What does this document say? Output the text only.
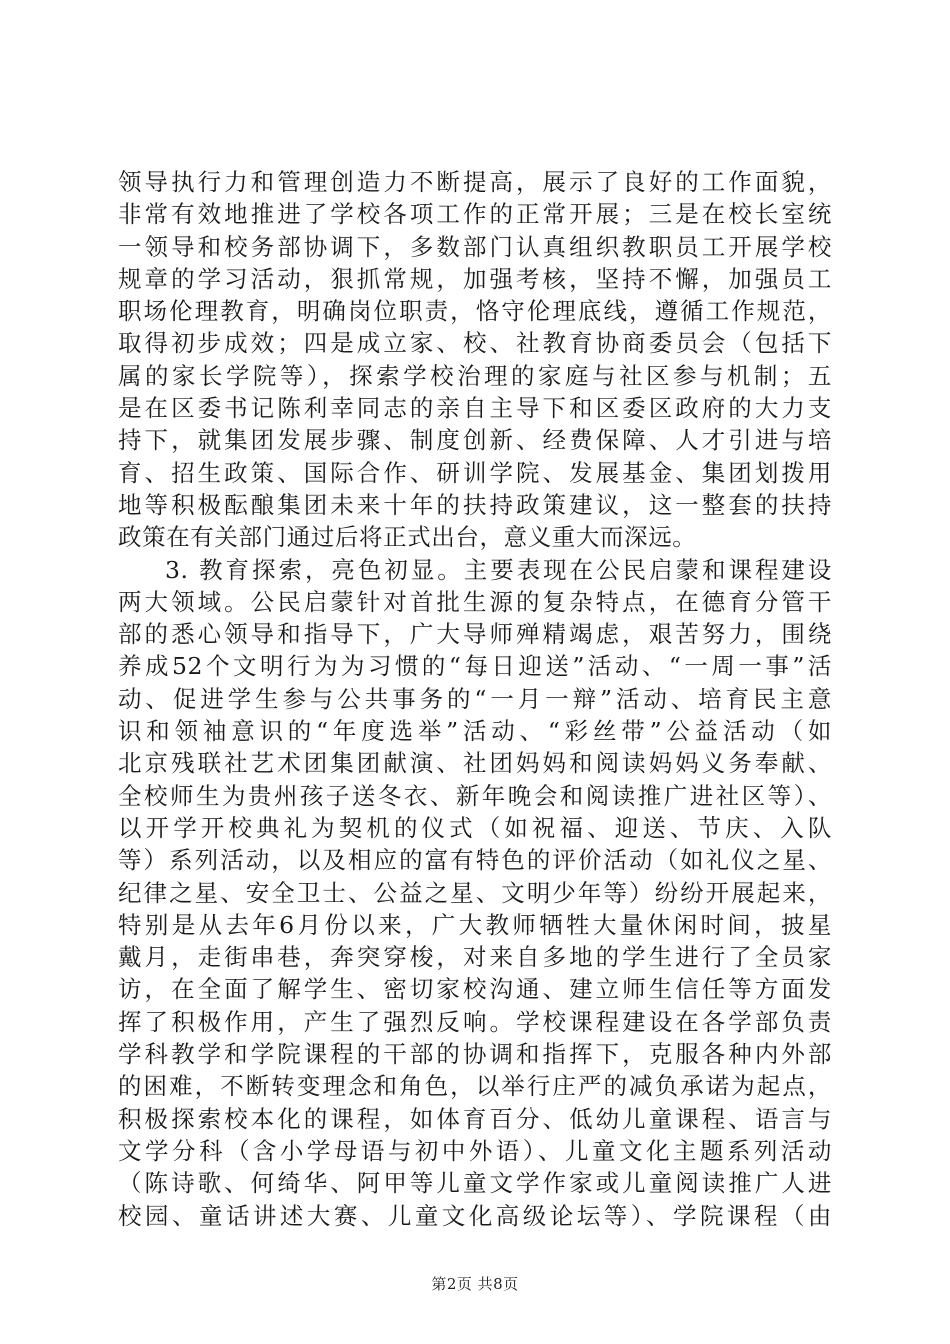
领导执行力和管理创造力不断提高，展示了良好的工作面貌，
非常有效地推进了学校各项工作的正常开展；三是在校长室统
一领导和校务部协调下，多数部门认真组织教职员工开展学校
规章的学习活动，狠抓常规，加强考核，坚持不懈，加强员工
职场伦理教育，明确岗位职责，恪守伦理底线，遵循工作规范，
取得初步成效；四是成立家、校、社教育协商委员会（包括下
属的家长学院等），探索学校治理的家庭与社区参与机制；五
是在区委书记陈利幸同志的亲自主导下和区委区政府的大力支
持下，就集团发展步骤、制度创新、经费保障、人才引进与培
育、招生政策、国际合作、研训学院、发展基金、集团划拨用
地等积极酝酿集团未来十年的扶持政策建议，这一整套的扶持
政策在有关部门通过后将正式出台，意义重大而深远。
3. 教育探索，亮色初显。主要表现在公民启蒙和课程建设
两大领域。公民启蒙针对首批生源的复杂特点，在德育分管干
部的悉心领导和指导下，广大导师殚精竭虑，艰苦努力，围绕
养成52个文明行为为习惯的“每日迎送”活动、“一周一事”活
动、促进学生参与公共事务的“一月一辩”活动、培育民主意
识和领袖意识的“年度选举”活动、“彩丝带”公益活动（如
北京残联社艺术团集团献演、社团妈妈和阅读妈妈义务奉献、
全校师生为贵州孩子送冬衣、新年晚会和阅读推广进社区等）、
以开学开校典礼为契机的仪式（如祝福、迎送、节庆、入队
等）系列活动，以及相应的富有特色的评价活动（如礼仪之星、
纪律之星、安全卫士、公益之星、文明少年等）纷纷开展起来，
特别是从去年6月份以来，广大教师牺牲大量休闲时间，披星
戴月，走街串巷，奔突穿梭，对来自多地的学生进行了全员家
访，在全面了解学生、密切家校沟通、建立师生信任等方面发
挥了积极作用，产生了强烈反响。学校课程建设在各学部负责
学科教学和学院课程的干部的协调和指挥下，克服各种内外部
的困难，不断转变理念和角色，以举行庄严的减负承诺为起点，
积极探索校本化的课程，如体育百分、低幼儿童课程、语言与
文学分科（含小学母语与初中外语）、儿童文化主题系列活动
（陈诗歌、何绮华、阿甲等儿童文学作家或儿童阅读推广人进
校园、童话讲述大赛、儿童文化高级论坛等）、学院课程（由
第2页 共8页
